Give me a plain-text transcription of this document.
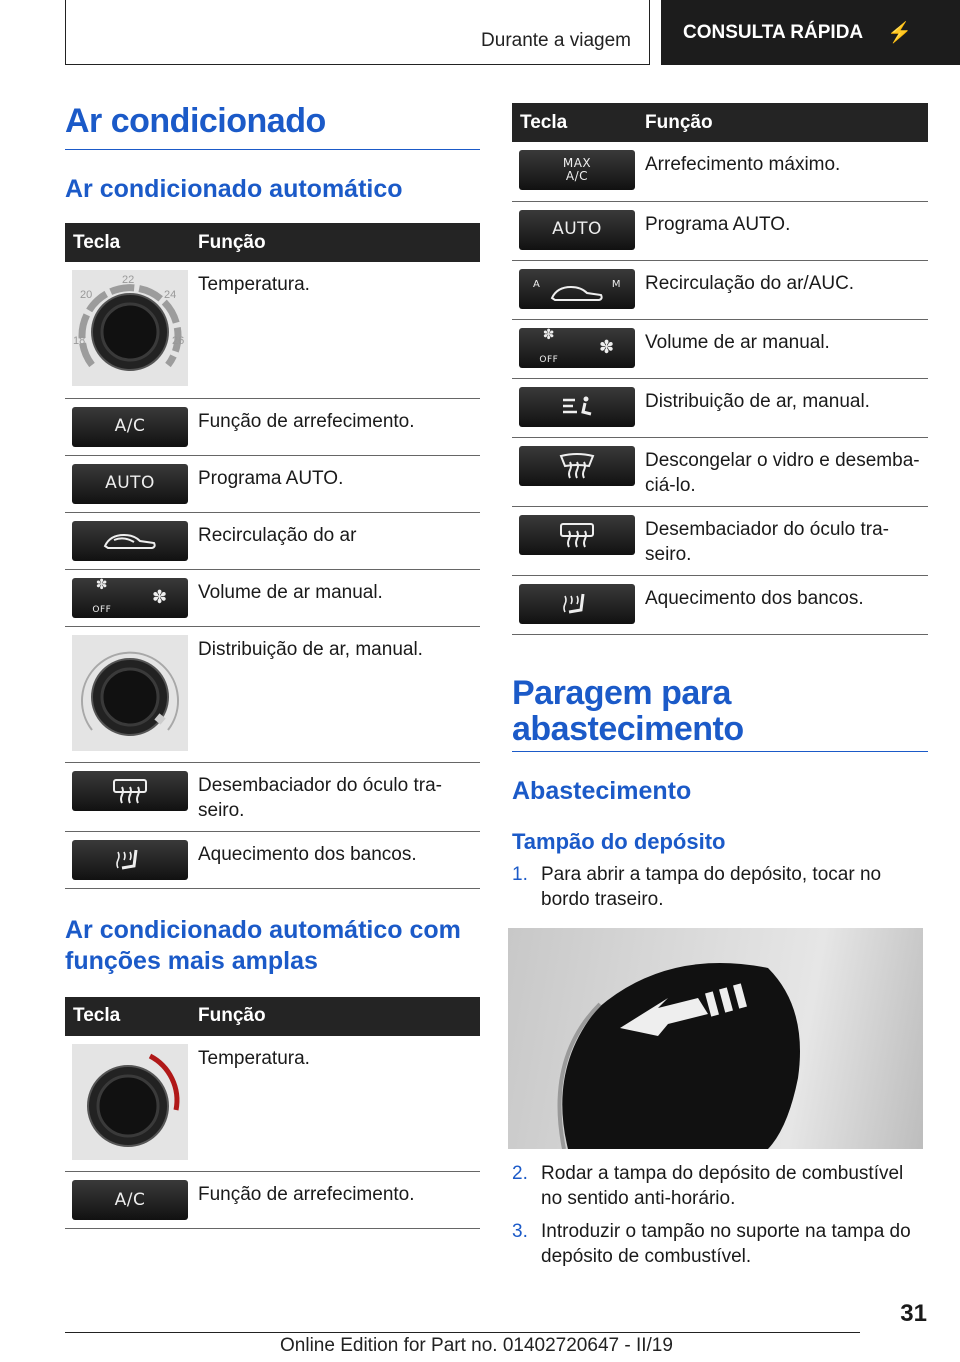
Durante a viagem	CONSULTA RÁPIDA ⚡
Ar condicionado
Ar condicionado automático
Tecla	Função

22
20 24
18 26	Temperatura.

A/C	Função de arrefecimento.

AUTO	Programa AUTO.

	Recirculação do ar

✽
OFF
✽	Volume de ar manual.

	Distribuição de ar, manual.

	Desembaciador do óculo tra-seiro.

	Aquecimento dos bancos.
Ar condicionado automático com funções mais amplas
Tecla	Função

	Temperatura.

A/C	Função de arrefecimento.
Tecla	Função

MAX
A/C	Arrefecimento máximo.

AUTO	Programa AUTO.

A M	Recirculação do ar/AUC.

✽
OFF
✽	Volume de ar manual.

	Distribuição de ar, manual.

	Descongelar o vidro e desemba-ciá-lo.

	Desembaciador do óculo tra-seiro.

	Aquecimento dos bancos.
Paragem para abastecimento
Abastecimento
Tampão do depósito
1. Para abrir a tampa do depósito, tocar no bordo traseiro.
2. Rodar a tampa do depósito de combustível no sentido anti-horário.
3. Introduzir o tampão no suporte na tampa do depósito de combustível.
31
Online Edition for Part no. 01402720647 - II/19
